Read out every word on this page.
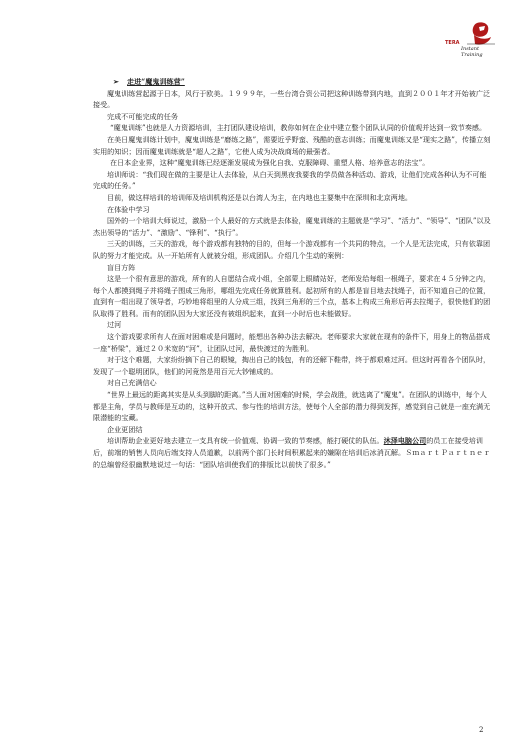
TERA
Instant Training

➢ 走进“魔鬼训练营”

魔鬼训练营起源于日本，风行于欧美。１９９９年，一些台湾合资公司把这种训练带到内地，直到２００１年才开始被广泛接受。

完成不可能完成的任务

“魔鬼训练”也就是人力资源培训，主打团队建设培训，教你如何在企业中建立整个团队认同的价值观并达到一致节奏感。

在美日魔鬼训练计划中，魔鬼训练是“磨练之路”，需要近乎野蛮、残酷的意志训练；而魔鬼训练又是“现实之路”，传播立刻实用的知识；因而魔鬼训练就是“超人之路”，它使人成为决战商场的最强者。

在日本企业界，这种“魔鬼训练已经逐渐发展成为强化自我、克服障碍、重塑人格、培养意志的法宝”。

培训师说：“我们现在做的主要是让人去体验，从白天到黑夜我要我的学员做各种活动、游戏，让他们完成各种认为不可能完成的任务。”

目前，做这样培训的培训师及培训机构还是以台湾人为主，在内地也主要集中在深圳和北京两地。

在体验中学习

国外的一个培训大师说过，激励一个人最好的方式就是去体验，魔鬼训练的主题就是“学习”、“活力”、“领导”、“团队”以及杰出领导的“活力”、“激励”、“锋利”、“执行”。

三天的训练，三天的游戏，每个游戏都有独特的目的，但每一个游戏都有一个共同的特点，一个人是无法完成，只有依靠团队的努力才能完成。从一开始所有人就被分组，形成团队。介绍几个生动的案例：

盲目方阵

这是一个很有意思的游戏，所有的人自愿结合成小组，全部蒙上眼睛站好，老师发给每组一根绳子，要求在４５分钟之内，每个人都摸到绳子并将绳子围成三角形，哪组先完成任务就算胜利。起初所有的人都是盲目地去找绳子，而不知道自己的位置，直到有一组出现了领导者，巧妙地将组里的人分成三组，找到三角形的三个点，基本上构成三角形后再去拉绳子，很快他们的团队取得了胜利。而有的团队因为大家还没有被组织起来，直到一小时后也未能做好。

过河

这个游戏要求所有人在面对困难或是问题时，能想出各种办法去解决。老师要求大家就在现有的条件下，用身上的物品搭成一座“桥梁”，通过２０米宽的“河”，让团队过河，最快渡过的为胜利。

对于这个难题，大家纷纷摘下自己的眼镜，掏出自己的钱包，有的还解下鞋带，终于都艰难过河。但这时再看各个团队时，发现了一个聪明团队，他们的河竟然是用百元大钞铺成的。

对自己充满信心

“世界上最远的距离其实是从头到脚的距离。”当人面对困难的时候，学会战胜，就选离了“魔鬼”。在团队的训练中，每个人都是主角，学员与教师是互动的，这种开放式、参与性的培训方法，使每个人全部的潜力得到发挥，感觉到自己就是一座充满无限潜能的宝藏。

企业更团结

培训帮助企业更好地去建立一支具有统一价值观、协调一致的节奏感，能打硬仗的队伍。沐泽电脑公司的员工在接受培训后，前端的销售人员向后端支持人员道歉，以前两个部门长时间积累起来的嫌隙在培训后冰消瓦解。ＳｍａｒｔＰａｒｔｎｅｒ的总编曾经很幽默地说过一句话：“团队培训使我们的排版比以前快了很多。”

2
